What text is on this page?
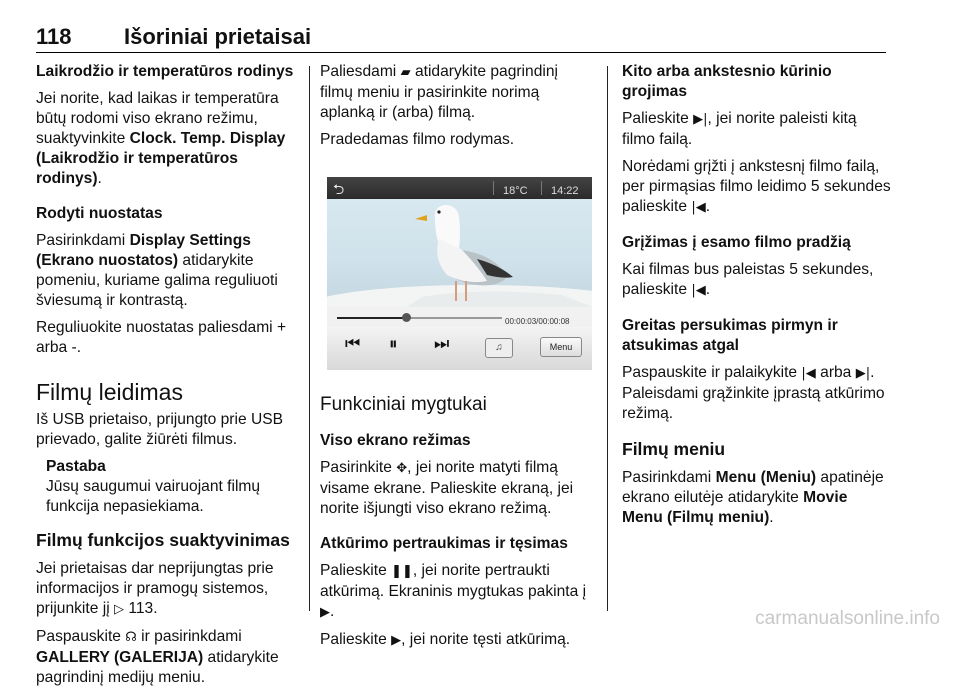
118 Išoriniai prietaisai

Laikrodžio ir temperatūros rodinys

Jei norite, kad laikas ir temperatūra būtų rodomi viso ekrano režimu, suaktyvinkite Clock. Temp. Display (Laikrodžio ir temperatūros rodinys).

Rodyti nuostatas

Pasirinkdami Display Settings (Ekrano nuostatos) atidarykite pomeniu, kuriame galima reguliuoti šviesumą ir kontrastą.

Reguliuokite nuostatas paliesdami + arba -.

Filmų leidimas

Iš USB prietaiso, prijungto prie USB prievado, galite žiūrėti filmus.

Pastaba

Jūsų saugumui vairuojant filmų funkcija nepasiekiama.

Filmų funkcijos suaktyvinimas

Jei prietaisas dar neprijungtas prie informacijos ir pramogų sistemos, prijunkite jį ▷ 113.

Paspauskite ☊ ir pasirinkdami GALLERY (GALERIJA) atidarykite pagrindinį medijų meniu.

Paliesdami ▰ atidarykite pagrindinį filmų meniu ir pasirinkite norimą aplanką ir (arba) filmą.

Pradedamas filmo rodymas.

⮌	18°C 14:22
00:00:03/00:00:08
⏮ ⏸ ⏭	♫	Menu
Funkciniai mygtukai

Viso ekrano režimas

Pasirinkite ✥, jei norite matyti filmą visame ekrane. Palieskite ekraną, jei norite išjungti viso ekrano režimą.

Atkūrimo pertraukimas ir tęsimas

Palieskite ❚❚, jei norite pertraukti atkūrimą. Ekraninis mygtukas pakinta į ▶.

Palieskite ▶, jei norite tęsti atkūrimą.

Kito arba ankstesnio kūrinio grojimas

Palieskite ▶|, jei norite paleisti kitą filmo failą.

Norėdami grįžti į ankstesnį filmo failą, per pirmąsias filmo leidimo 5 sekundes palieskite |◀.

Grįžimas į esamo filmo pradžią

Kai filmas bus paleistas 5 sekundes, palieskite |◀.

Greitas persukimas pirmyn ir atsukimas atgal

Paspauskite ir palaikykite |◀ arba ▶|. Paleisdami grąžinkite įprastą atkūrimo režimą.

Filmų meniu

Pasirinkdami Menu (Meniu) apatinėje ekrano eilutėje atidarykite Movie Menu (Filmų meniu).

carmanualsonline.info
